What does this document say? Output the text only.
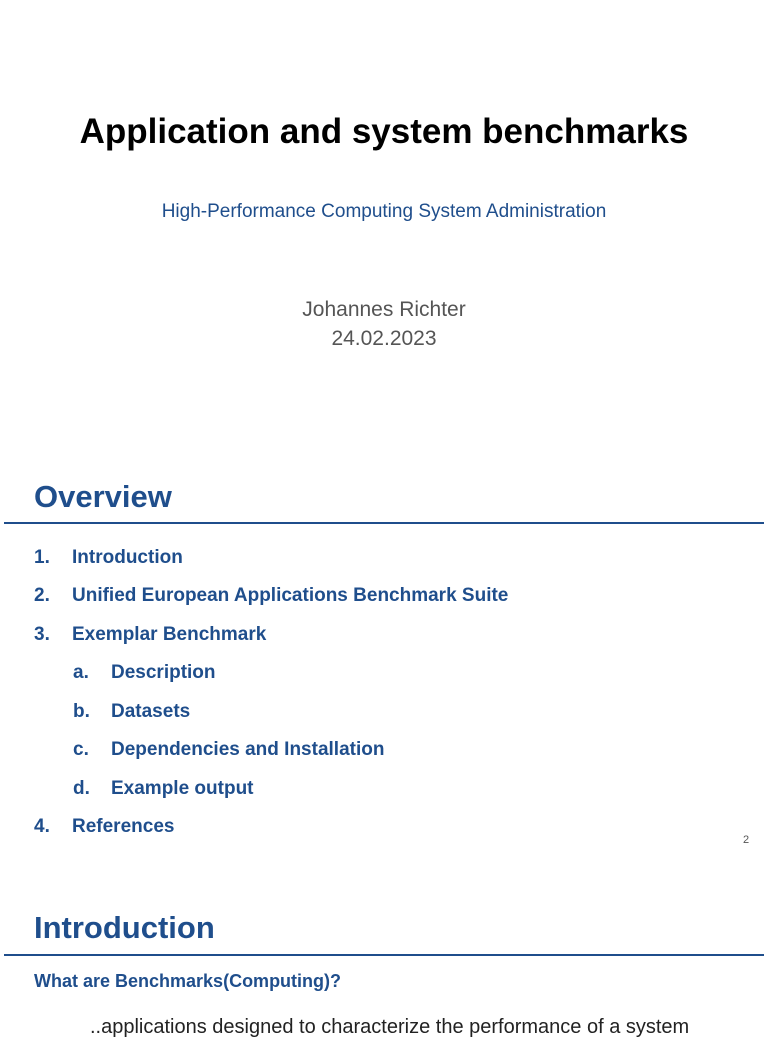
Application and system benchmarks
High-Performance Computing System Administration
Johannes Richter
24.02.2023
Overview
1. Introduction
2. Unified European Applications Benchmark Suite
3. Exemplar Benchmark
a. Description
b. Datasets
c. Dependencies and Installation
d. Example output
4. References
2
Introduction
What are Benchmarks(Computing)?
..applications designed to characterize the performance of a system
